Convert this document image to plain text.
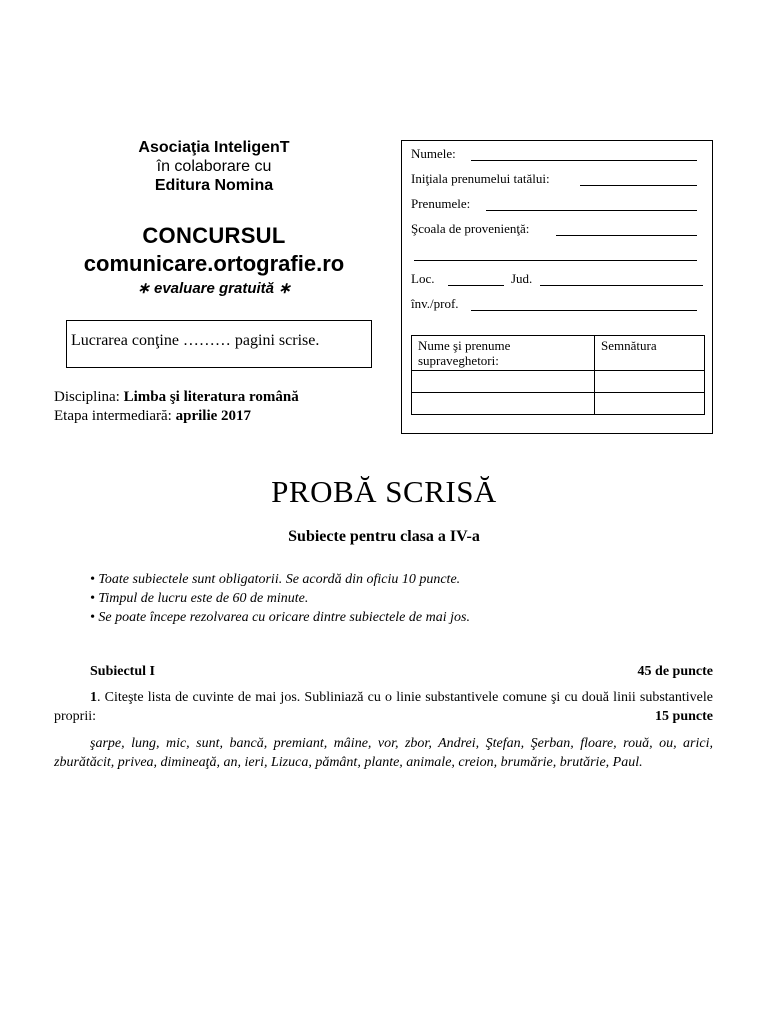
Asociaţia InteligenT
în colaborare cu
Editura Nomina
CONCURSUL
comunicare.ortografie.ro
∗ evaluare gratuită ∗
Lucrarea conţine ……… pagini scrise.
Disciplina: Limba şi literatura română
Etapa intermediară: aprilie 2017
Numele:
Iniţiala prenumelui tatălui:
Prenumele:
Şcoala de provenienţă:
Loc.	Jud.
înv./prof.
Nume şi prenume supraveghetori:	Semnătura

PROBĂ SCRISĂ
Subiecte pentru clasa a IV-a
• Toate subiectele sunt obligatorii. Se acordă din oficiu 10 puncte.
• Timpul de lucru este de 60 de minute.
• Se poate începe rezolvarea cu oricare dintre subiectele de mai jos.
Subiectul I	45 de puncte
1. Citeşte lista de cuvinte de mai jos. Subliniază cu o linie substantivele comune şi cu două linii substantivele proprii:	15 puncte
şarpe, lung, mic, sunt, bancă, premiant, mâine, vor, zbor, Andrei, Ştefan, Şerban, floare, rouă, ou, arici, zburătăcit, privea, dimineaţă, an, ieri, Lizuca, pământ, plante, animale, creion, brumărie, brutărie, Paul.
